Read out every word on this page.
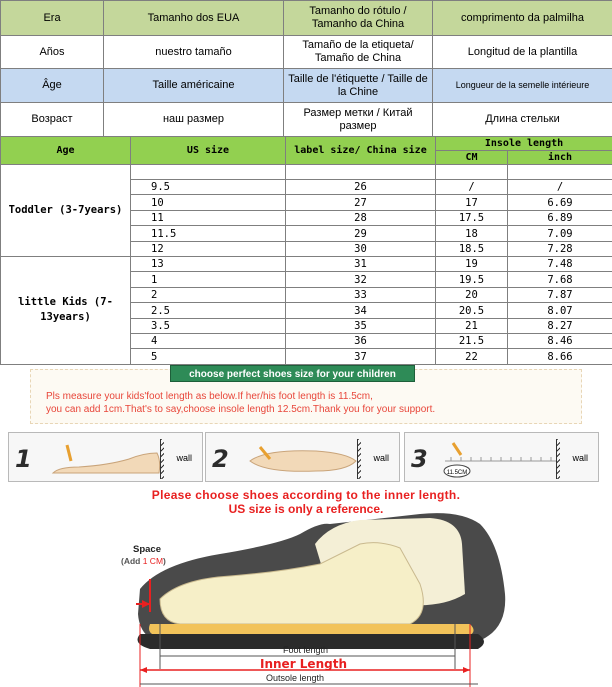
Era	Tamanho dos EUA	Tamanho do rótulo / Tamanho da China	comprimento da palmilha
Años	nuestro tamaño	Tamaño de la etiqueta/ Tamaño de China	Longitud de la plantilla
Âge	Taille américaine	Taille de l'étiquette / Taille de la Chine	Longueur de la semelle intérieure
Возраст	наш размер	Размер метки / Китай размер	Длина стельки
Age	US size	label size/ China size	Insole length	
			CM	inch
Toddler (3-7years)				
	9.5	26	/	/
	10	27	17	6.69
	11	28	17.5	6.89
	11.5	29	18	7.09
	12	30	18.5	7.28
little Kids (7-13years)	13	31	19	7.48
	1	32	19.5	7.68
	2	33	20	7.87
	2.5	34	20.5	8.07
	3.5	35	21	8.27
	4	36	21.5	8.46
	5	37	22	8.66
choose perfect shoes size for your children
Pls measure your kids'foot length as below.If her/his foot length is 11.5cm,
you can add 1cm.That's to say,choose insole length 12.5cm.Thank you for your support.
1	wall 2	wall 3	11.5CM
wall
Please choose shoes according to the inner length.
US size is only a reference.
Space
(Add 1 CM)
Foot length
Inner Length
Outsole length
